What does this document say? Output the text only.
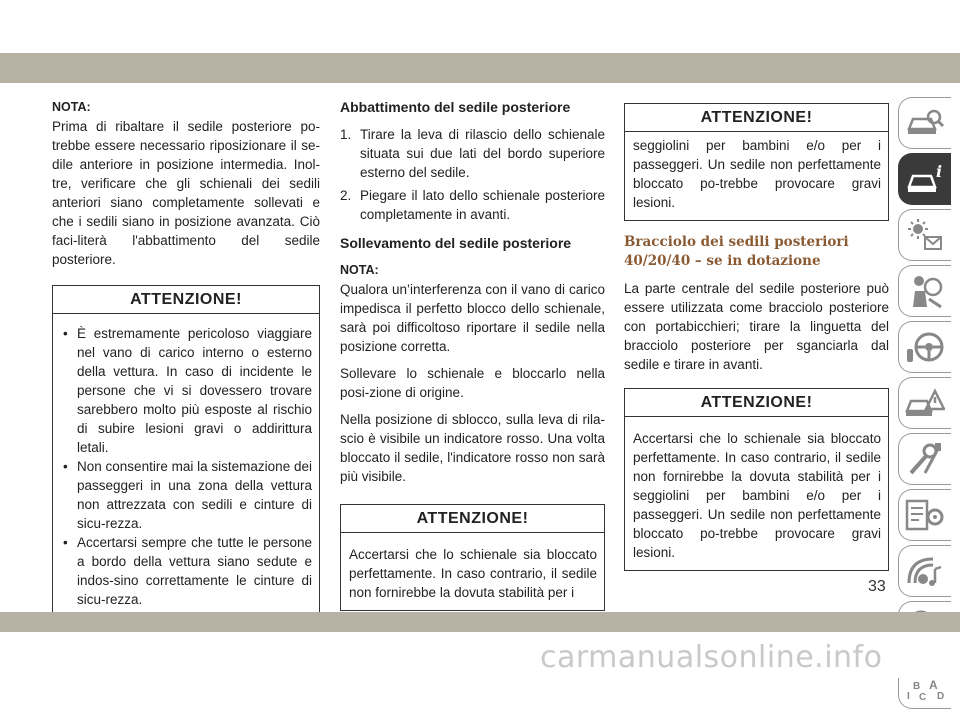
NOTA:

Prima di ribaltare il sedile posteriore po-trebbe essere necessario riposizionare il se-dile anteriore in posizione intermedia. Inol-tre, verificare che gli schienali dei sedili anteriori siano completamente sollevati e che i sedili siano in posizione avanzata. Ciò faci-literà l'abbattimento del sedile posteriore.

ATTENZIONE!
• È estremamente pericoloso viaggiare nel vano di carico interno o esterno della vettura. In caso di incidente le persone che vi si dovessero trovare sarebbero molto più esposte al rischio di subire lesioni gravi o addirittura letali.
• Non consentire mai la sistemazione dei passeggeri in una zona della vettura non attrezzata con sedili e cinture di sicu-rezza.
• Accertarsi sempre che tutte le persone a bordo della vettura siano sedute e indos-sino correttamente le cinture di sicu-rezza.
Abbattimento del sedile posteriore
1. Tirare la leva di rilascio dello schienale situata sui due lati del bordo superiore esterno del sedile.
2. Piegare il lato dello schienale posteriore completamente in avanti.
Sollevamento del sedile posteriore
NOTA:

Qualora un’interferenza con il vano di carico impedisca il perfetto blocco dello schienale, sarà poi difficoltoso riportare il sedile nella posizione corretta.

Sollevare lo schienale e bloccarlo nella posi-zione di origine.

Nella posizione di sblocco, sulla leva di rila-scio è visibile un indicatore rosso. Una volta bloccato il sedile, l'indicatore rosso non sarà più visibile.

ATTENZIONE!

Accertarsi che lo schienale sia bloccato perfettamente. In caso contrario, il sedile non fornirebbe la dovuta stabilità per i

ATTENZIONE!

seggiolini per bambini e/o per i passeggeri. Un sedile non perfettamente bloccato po-trebbe provocare gravi lesioni.

Bracciolo dei sedili posteriori 40/20/40 – se in dotazione

La parte centrale del sedile posteriore può essere utilizzata come bracciolo posteriore con portabicchieri; tirare la linguetta del bracciolo posteriore per sganciarla dal sedile e tirare in avanti.

ATTENZIONE!

Accertarsi che lo schienale sia bloccato perfettamente. In caso contrario, il sedile non fornirebbe la dovuta stabilità per i seggiolini per bambini e/o per i passeggeri. Un sedile non perfettamente bloccato po-trebbe provocare gravi lesioni.

i
B A
I C D
33
carmanualsonline.info
